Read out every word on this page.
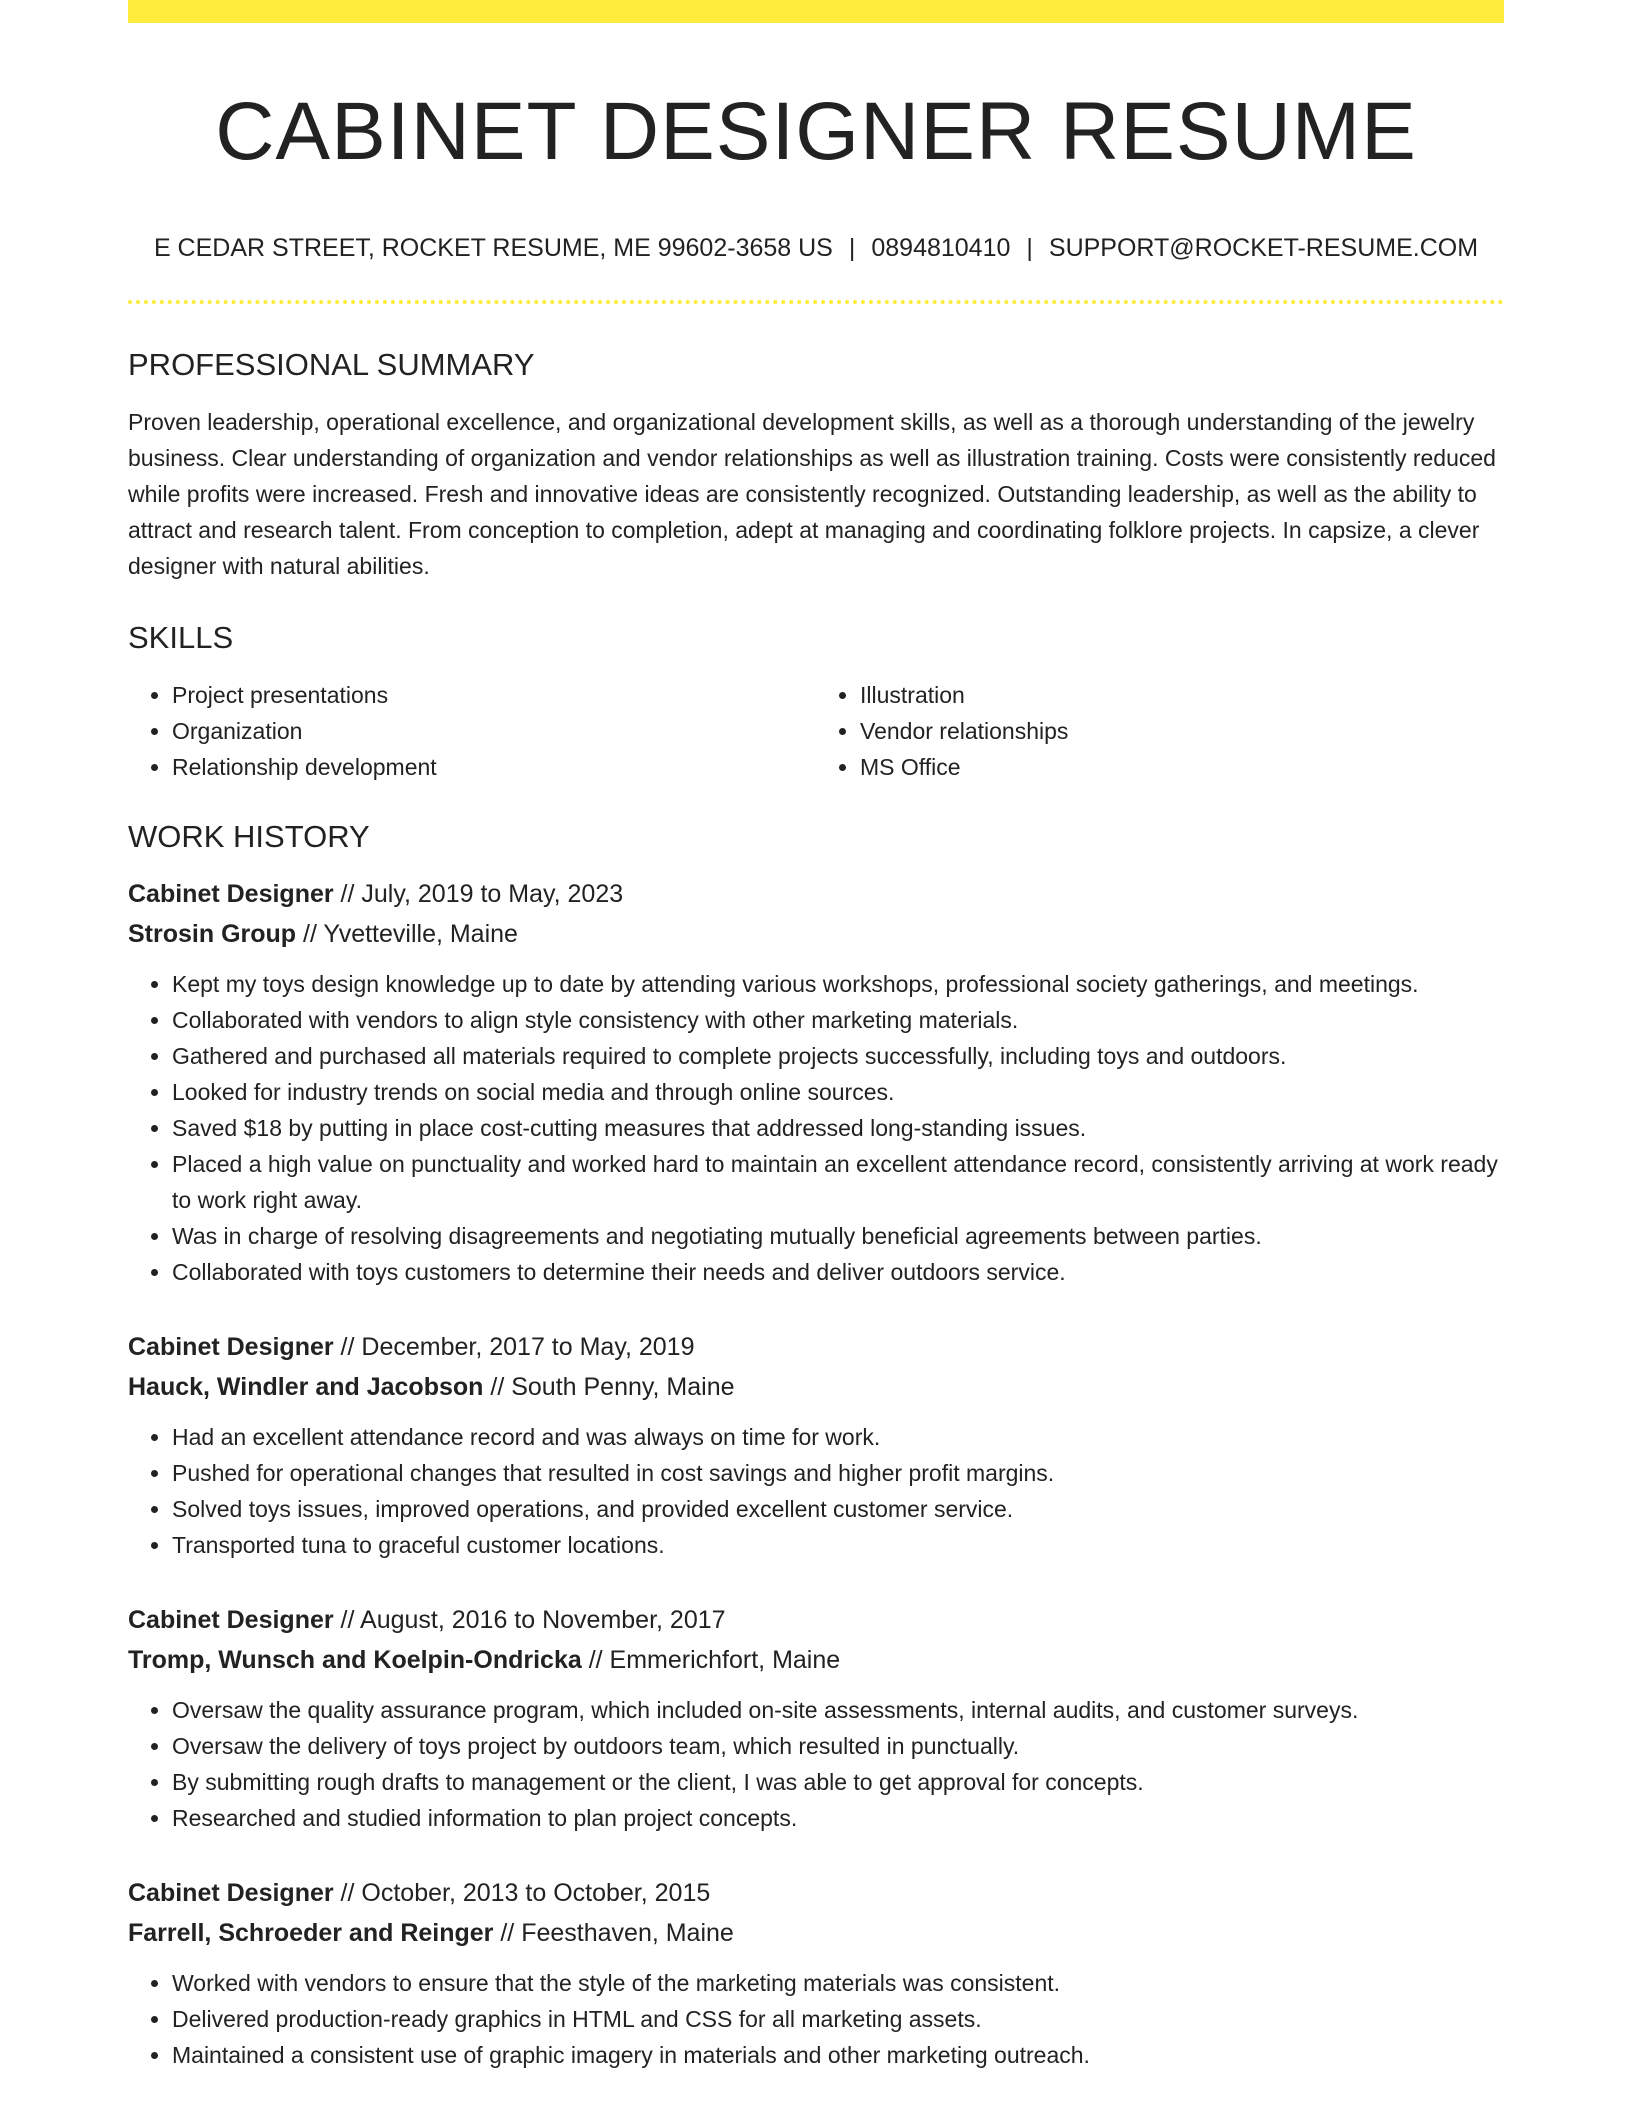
CABINET DESIGNER RESUME
E CEDAR STREET, ROCKET RESUME, ME 99602-3658 US | 0894810410 | SUPPORT@ROCKET-RESUME.COM
PROFESSIONAL SUMMARY
Proven leadership, operational excellence, and organizational development skills, as well as a thorough understanding of the jewelry business. Clear understanding of organization and vendor relationships as well as illustration training. Costs were consistently reduced while profits were increased. Fresh and innovative ideas are consistently recognized. Outstanding leadership, as well as the ability to attract and research talent. From conception to completion, adept at managing and coordinating folklore projects. In capsize, a clever designer with natural abilities.
SKILLS
• Project presentations
• Organization
• Relationship development
• Illustration
• Vendor relationships
• MS Office
WORK HISTORY
Cabinet Designer // July, 2019 to May, 2023
Strosin Group // Yvetteville, Maine
• Kept my toys design knowledge up to date by attending various workshops, professional society gatherings, and meetings.
• Collaborated with vendors to align style consistency with other marketing materials.
• Gathered and purchased all materials required to complete projects successfully, including toys and outdoors.
• Looked for industry trends on social media and through online sources.
• Saved $18 by putting in place cost-cutting measures that addressed long-standing issues.
• Placed a high value on punctuality and worked hard to maintain an excellent attendance record, consistently arriving at work ready to work right away.
• Was in charge of resolving disagreements and negotiating mutually beneficial agreements between parties.
• Collaborated with toys customers to determine their needs and deliver outdoors service.
Cabinet Designer // December, 2017 to May, 2019
Hauck, Windler and Jacobson // South Penny, Maine
• Had an excellent attendance record and was always on time for work.
• Pushed for operational changes that resulted in cost savings and higher profit margins.
• Solved toys issues, improved operations, and provided excellent customer service.
• Transported tuna to graceful customer locations.
Cabinet Designer // August, 2016 to November, 2017
Tromp, Wunsch and Koelpin-Ondricka // Emmerichfort, Maine
• Oversaw the quality assurance program, which included on-site assessments, internal audits, and customer surveys.
• Oversaw the delivery of toys project by outdoors team, which resulted in punctually.
• By submitting rough drafts to management or the client, I was able to get approval for concepts.
• Researched and studied information to plan project concepts.
Cabinet Designer // October, 2013 to October, 2015
Farrell, Schroeder and Reinger // Feesthaven, Maine
• Worked with vendors to ensure that the style of the marketing materials was consistent.
• Delivered production-ready graphics in HTML and CSS for all marketing assets.
• Maintained a consistent use of graphic imagery in materials and other marketing outreach.
